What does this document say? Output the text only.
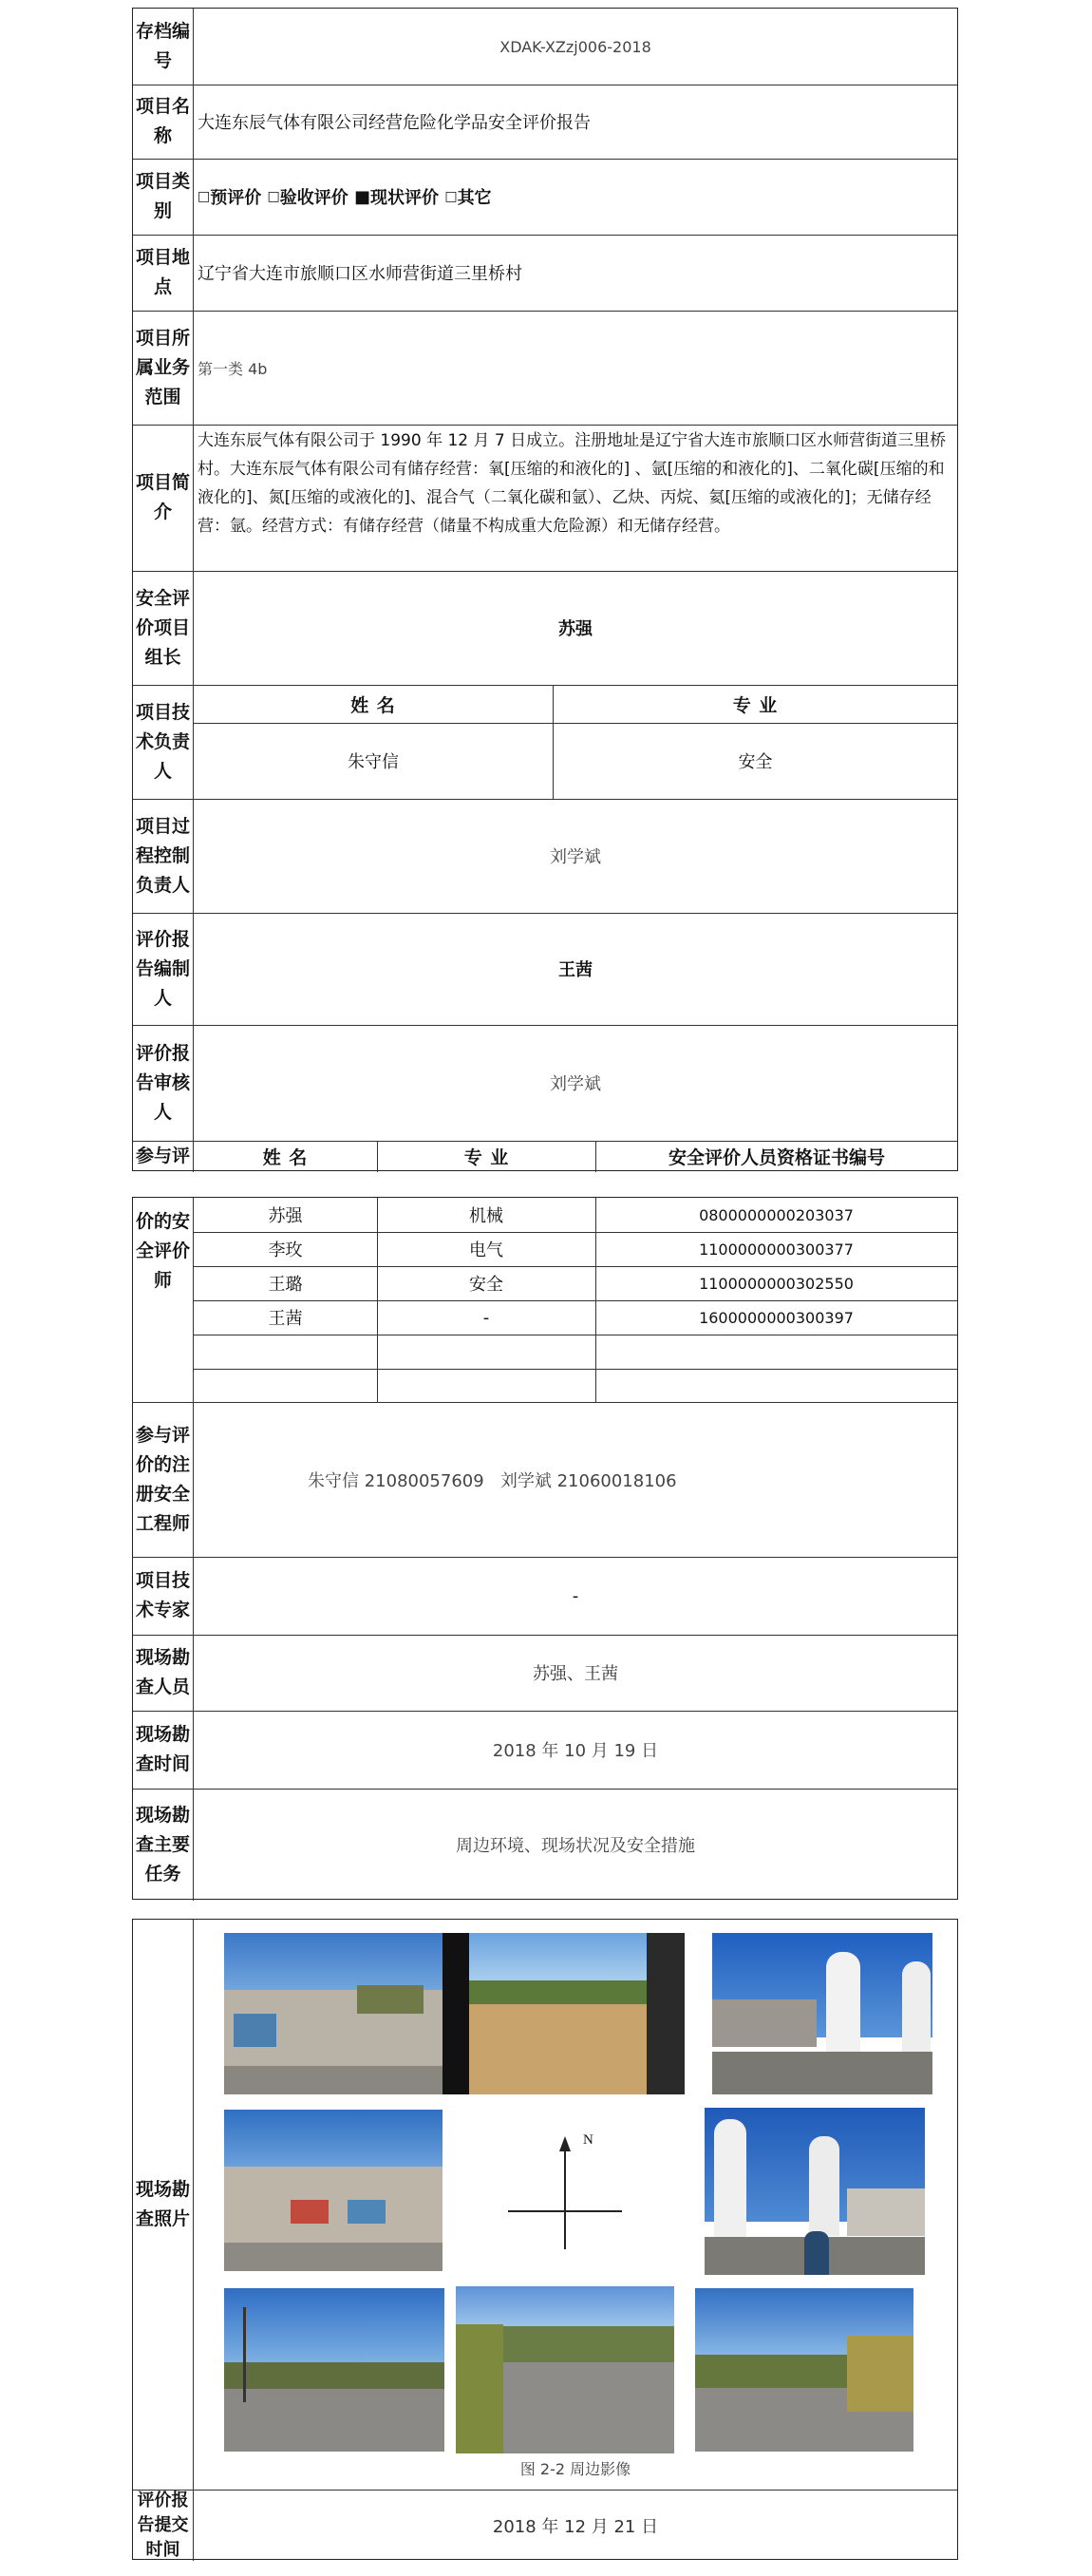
存档编号
XDAK-XZzj006-2018
项目名称
大连东辰气体有限公司经营危险化学品安全评价报告
项目类别
□ 预评价
□ 验收评价
■ 现状评价
□ 其它
项目地点
辽宁省大连市旅顺口区水师营街道三里桥村
项目所属业务范围
第一类 4b
项目简介
大连东辰气体有限公司于 1990 年 12 月 7 日成立。注册地址是辽宁省大连市旅顺口区水师营街道三里桥村。大连东辰气体有限公司有储存经营：氧[压缩的和液化的] 、氩[压缩的和液化的]、二氧化碳[压缩的和液化的]、氮[压缩的或液化的]、混合气（二氧化碳和氩）、乙炔、丙烷、氦[压缩的或液化的]；无储存经营：氩。经营方式：有储存经营（储量不构成重大危险源）和无储存经营。
安全评价项目组长
苏强
项目技术负责人
姓 名	专 业
朱守信	安全
项目过程控制负责人
刘学斌
评价报告编制人
王茜
评价报告审核人
刘学斌
参与评	姓 名	专 业	安全评价人员资格证书编号
价的安全评价师
苏强	机械	0800000000203037
李玫	电气	1100000000300377
王璐	安全	1100000000302550
王茜	-	1600000000300397
参与评价的注册安全工程师
朱守信 21080057609   刘学斌 21060018106
项目技术专家
-
现场勘查人员
苏强、王茜
现场勘查时间
2018 年 10 月 19 日
现场勘查主要任务
周边环境、现场状况及安全措施
现场勘查照片
N
图 2-2 周边影像
评价报告提交时间
2018 年 12 月 21 日
